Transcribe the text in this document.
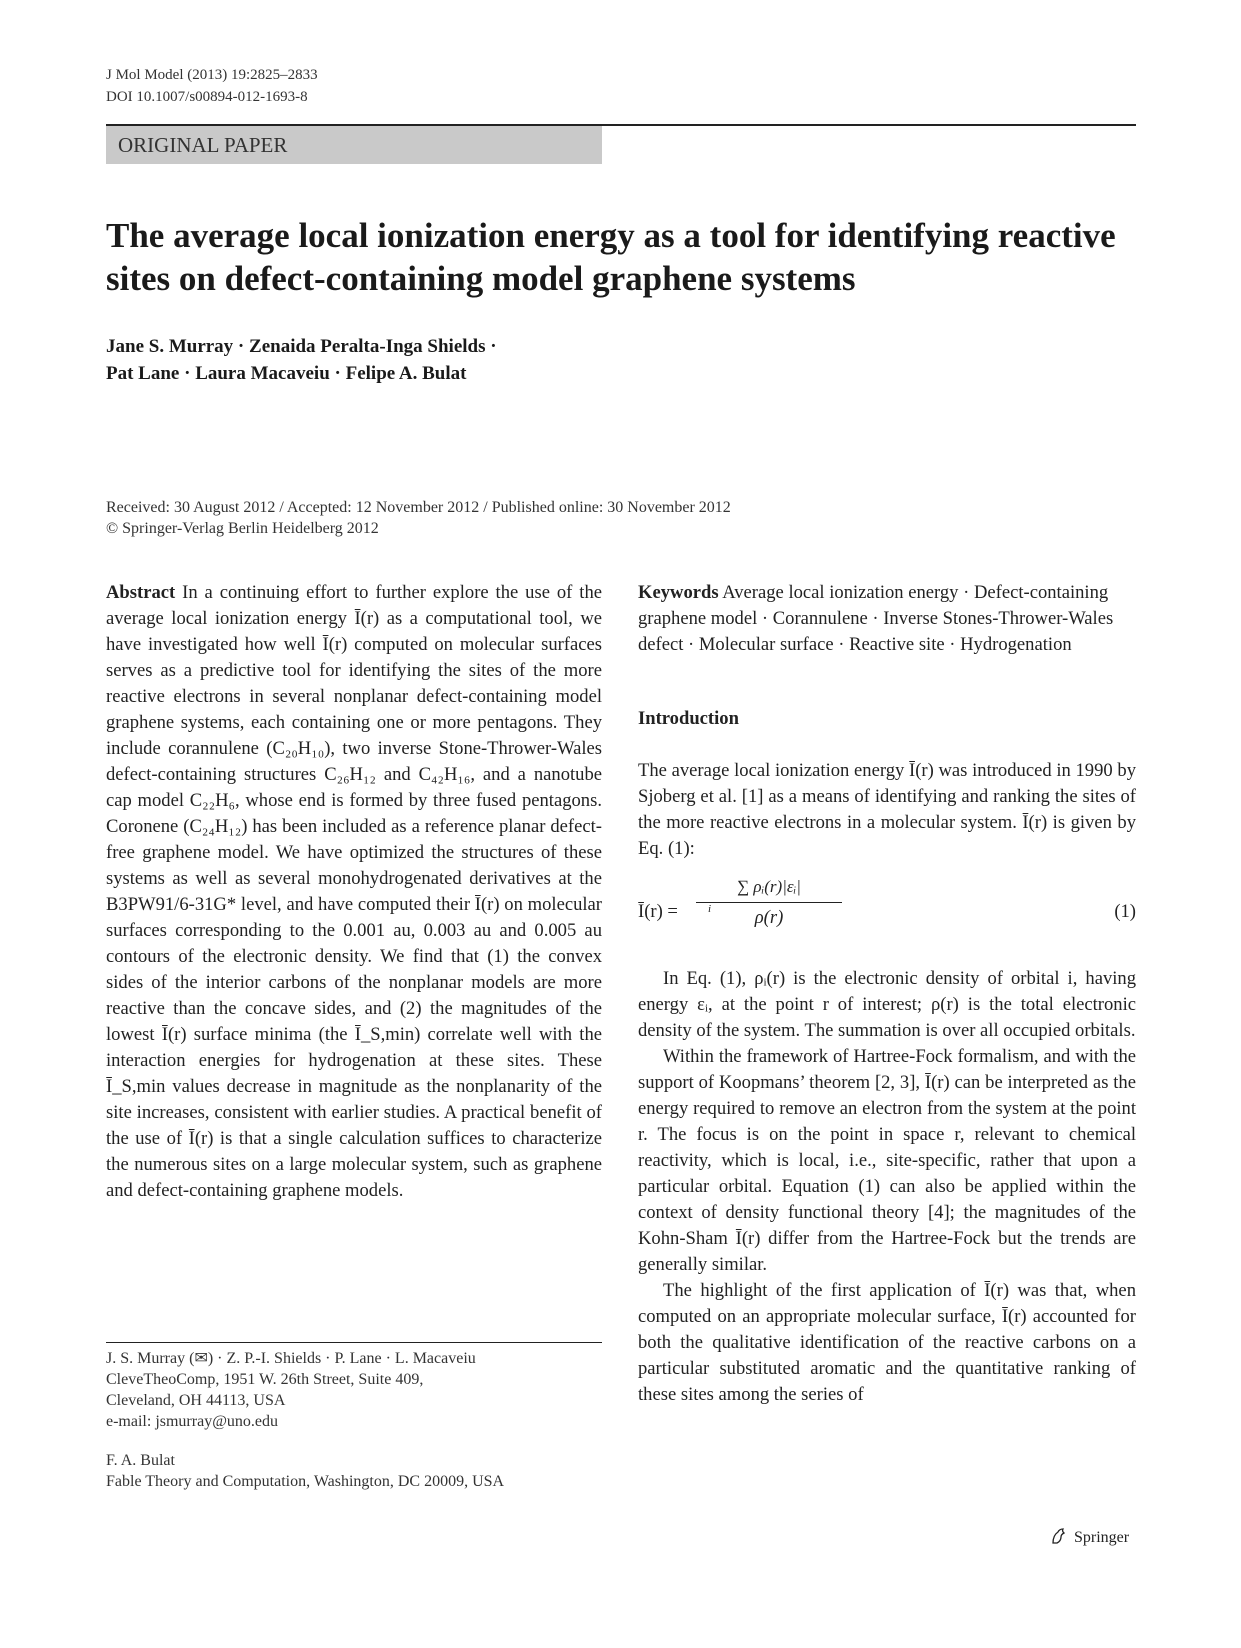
J Mol Model (2013) 19:2825–2833
DOI 10.1007/s00894-012-1693-8
ORIGINAL PAPER
The average local ionization energy as a tool for identifying reactive sites on defect-containing model graphene systems
Jane S. Murray · Zenaida Peralta-Inga Shields ·
Pat Lane · Laura Macaveiu · Felipe A. Bulat
Received: 30 August 2012 / Accepted: 12 November 2012 / Published online: 30 November 2012
© Springer-Verlag Berlin Heidelberg 2012

Abstract In a continuing effort to further explore the use of the average local ionization energy Ī(r) as a computational tool, we have investigated how well Ī(r) computed on molecular surfaces serves as a predictive tool for identifying the sites of the more reactive electrons in several nonplanar defect-containing model graphene systems, each containing one or more pentagons. They include corannulene (C₂₀H₁₀), two inverse Stone-Thrower-Wales defect-containing structures C₂₆H₁₂ and C₄₂H₁₆, and a nanotube cap model C₂₂H₆, whose end is formed by three fused pentagons. Coronene (C₂₄H₁₂) has been included as a reference planar defect-free graphene model. We have optimized the structures of these systems as well as several monohydrogenated derivatives at the B3PW91/6-31G* level, and have computed their Ī(r) on molecular surfaces corresponding to the 0.001 au, 0.003 au and 0.005 au contours of the electronic density. We find that (1) the convex sides of the interior carbons of the nonplanar models are more reactive than the concave sides, and (2) the magnitudes of the lowest Ī(r) surface minima (the Ī_S,min) correlate well with the interaction energies for hydrogenation at these sites. These Ī_S,min values decrease in magnitude as the nonplanarity of the site increases, consistent with earlier studies. A practical benefit of the use of Ī(r) is that a single calculation suffices to characterize the numerous sites on a large molecular system, such as graphene and defect-containing graphene models.

J. S. Murray (✉) · Z. P.-I. Shields · P. Lane · L. Macaveiu
CleveTheoComp, 1951 W. 26th Street, Suite 409,
Cleveland, OH 44113, USA
e-mail: jsmurray@uno.edu
F. A. Bulat
Fable Theory and Computation, Washington, DC 20009, USA

Keywords Average local ionization energy · Defect-containing graphene model · Corannulene · Inverse Stones-Thrower-Wales defect · Molecular surface · Reactive site · Hydrogenation

Introduction

The average local ionization energy Ī(r) was introduced in 1990 by Sjoberg et al. [1] as a means of identifying and ranking the sites of the more reactive electrons in a molecular system. Ī(r) is given by Eq. (1):

Ī(r) =
∑ ρᵢ(r)|εᵢ|
i	ρ(r)	(1)

In Eq. (1), ρᵢ(r) is the electronic density of orbital i, having energy εᵢ, at the point r of interest; ρ(r) is the total electronic density of the system. The summation is over all occupied orbitals.

Within the framework of Hartree-Fock formalism, and with the support of Koopmans’ theorem [2, 3], Ī(r) can be interpreted as the energy required to remove an electron from the system at the point r. The focus is on the point in space r, relevant to chemical reactivity, which is local, i.e., site-specific, rather that upon a particular orbital. Equation (1) can also be applied within the context of density functional theory [4]; the magnitudes of the Kohn-Sham Ī(r) differ from the Hartree-Fock but the trends are generally similar.

The highlight of the first application of Ī(r) was that, when computed on an appropriate molecular surface, Ī(r) accounted for both the qualitative identification of the reactive carbons on a particular substituted aromatic and the quantitative ranking of these sites among the series of

Springer
